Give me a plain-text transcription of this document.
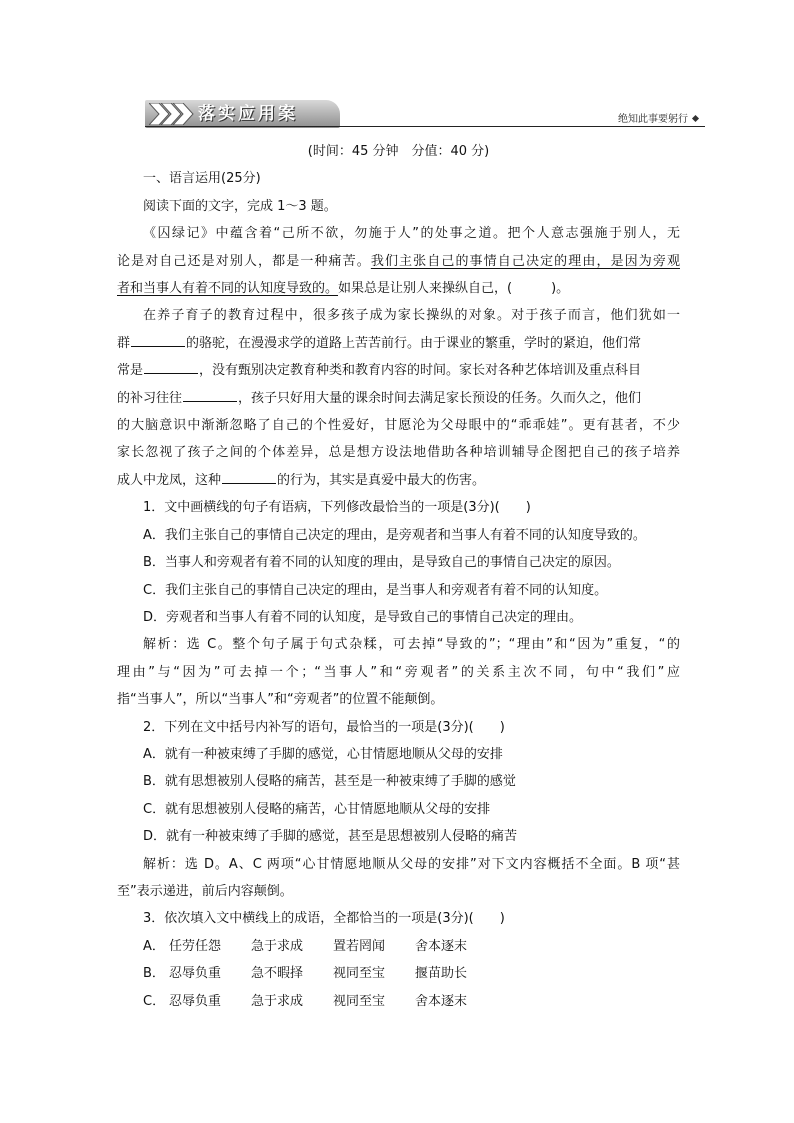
落实应用案	绝知此事要躬行
(时间：45 分钟　分值：40 分)
一、语言运用(25分)
阅读下面的文字，完成 1～3 题。
《囚绿记》中蕴含着“己所不欲，勿施于人”的处事之道。把个人意志强施于别人，无
论是对自己还是对别人，都是一种痛苦。我们主张自己的事情自己决定的理由，是因为旁观
者和当事人有着不同的认知度导致的。如果总是让别人来操纵自己，(　　　)。
在养子育子的教育过程中，很多孩子成为家长操纵的对象。对于孩子而言，他们犹如一
群	的骆驼，在漫漫求学的道路上苦苦前行。由于课业的繁重，学时的紧迫，他们常
常是	，没有甄别决定教育种类和教育内容的时间。家长对各种艺体培训及重点科目
的补习往往	，孩子只好用大量的课余时间去满足家长预设的任务。久而久之，他们
的大脑意识中渐渐忽略了自己的个性爱好，甘愿沦为父母眼中的“乖乖娃”。更有甚者，不少
家长忽视了孩子之间的个体差异，总是想方设法地借助各种培训辅导企图把自己的孩子培养
成人中龙凤，这种	的行为，其实是真爱中最大的伤害。
1．文中画横线的句子有语病，下列修改最恰当的一项是(3分)(　　)
A．我们主张自己的事情自己决定的理由，是旁观者和当事人有着不同的认知度导致的。
B．当事人和旁观者有着不同的认知度的理由，是导致自己的事情自己决定的原因。
C．我们主张自己的事情自己决定的理由，是当事人和旁观者有着不同的认知度。
D．旁观者和当事人有着不同的认知度，是导致自己的事情自己决定的理由。
解析：选 C。整个句子属于句式杂糅，可去掉“导致的”；“理由”和“因为”重复，“的
理由”与“因为”可去掉一个；“当事人”和“旁观者”的关系主次不同，句中“我们”应
指“当事人”，所以“当事人”和“旁观者”的位置不能颠倒。
2．下列在文中括号内补写的语句，最恰当的一项是(3分)(　　)
A．就有一种被束缚了手脚的感觉，心甘情愿地顺从父母的安排
B．就有思想被别人侵略的痛苦，甚至是一种被束缚了手脚的感觉
C．就有思想被别人侵略的痛苦，心甘情愿地顺从父母的安排
D．就有一种被束缚了手脚的感觉，甚至是思想被别人侵略的痛苦
解析：选 D。A、C 两项“心甘情愿地顺从父母的安排”对下文内容概括不全面。B 项“甚
至”表示递进，前后内容颠倒。
3．依次填入文中横线上的成语，全都恰当的一项是(3分)(　　)
A． 任劳任怨 急于求成 置若罔闻 舍本逐末
B． 忍辱负重 急不暇择 视同至宝 揠苗助长
C． 忍辱负重 急于求成 视同至宝 舍本逐末
